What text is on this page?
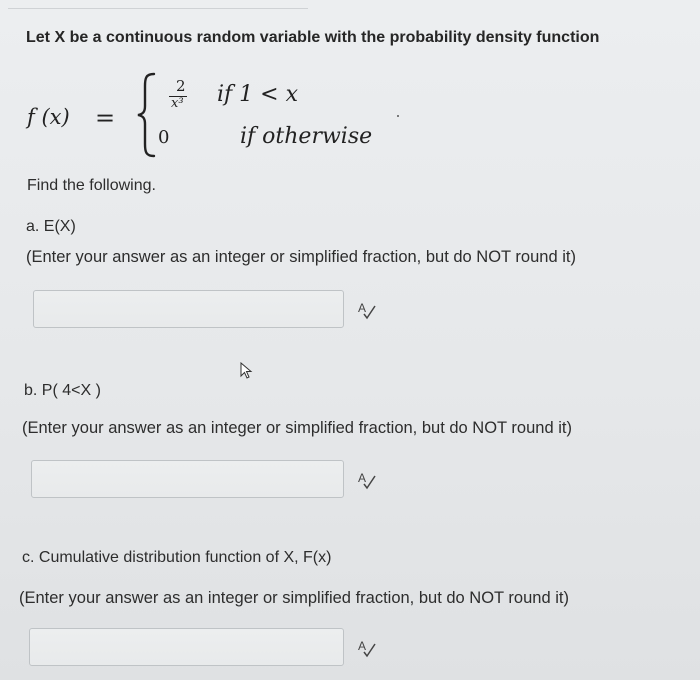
Let X be a continuous random variable with the probability density function
f (x) =
2
x³ if 1 < x
0	if otherwise
Find the following.
a. E(X)
(Enter your answer as an integer or simplified fraction, but do NOT round it)
A
b. P( 4<X )
(Enter your answer as an integer or simplified fraction, but do NOT round it)
A
c. Cumulative distribution function of X, F(x)
(Enter your answer as an integer or simplified fraction, but do NOT round it)
A
